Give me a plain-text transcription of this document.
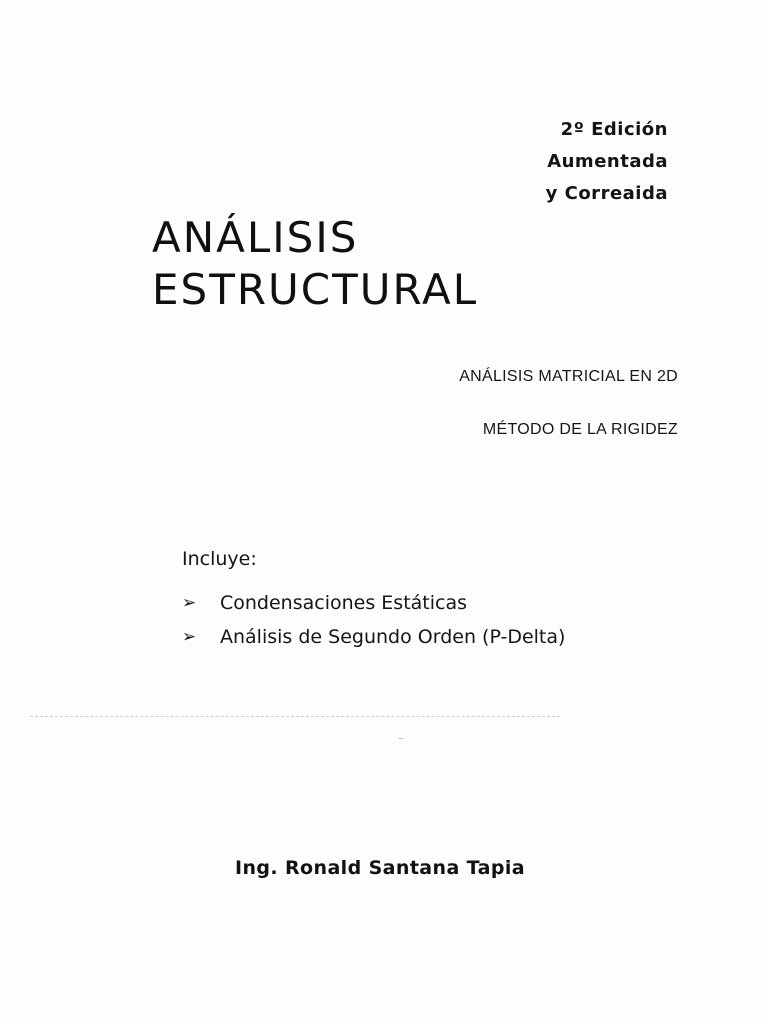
2º Edición
Aumentada
y Correaida
ANÁLISIS
ESTRUCTURAL
ANÁLISIS MATRICIAL EN 2D
MÉTODO DE LA RIGIDEZ
Incluye:
➢	Condensaciones Estáticas
➢	Análisis de Segundo Orden (P-Delta)
Ing. Ronald Santana Tapia
